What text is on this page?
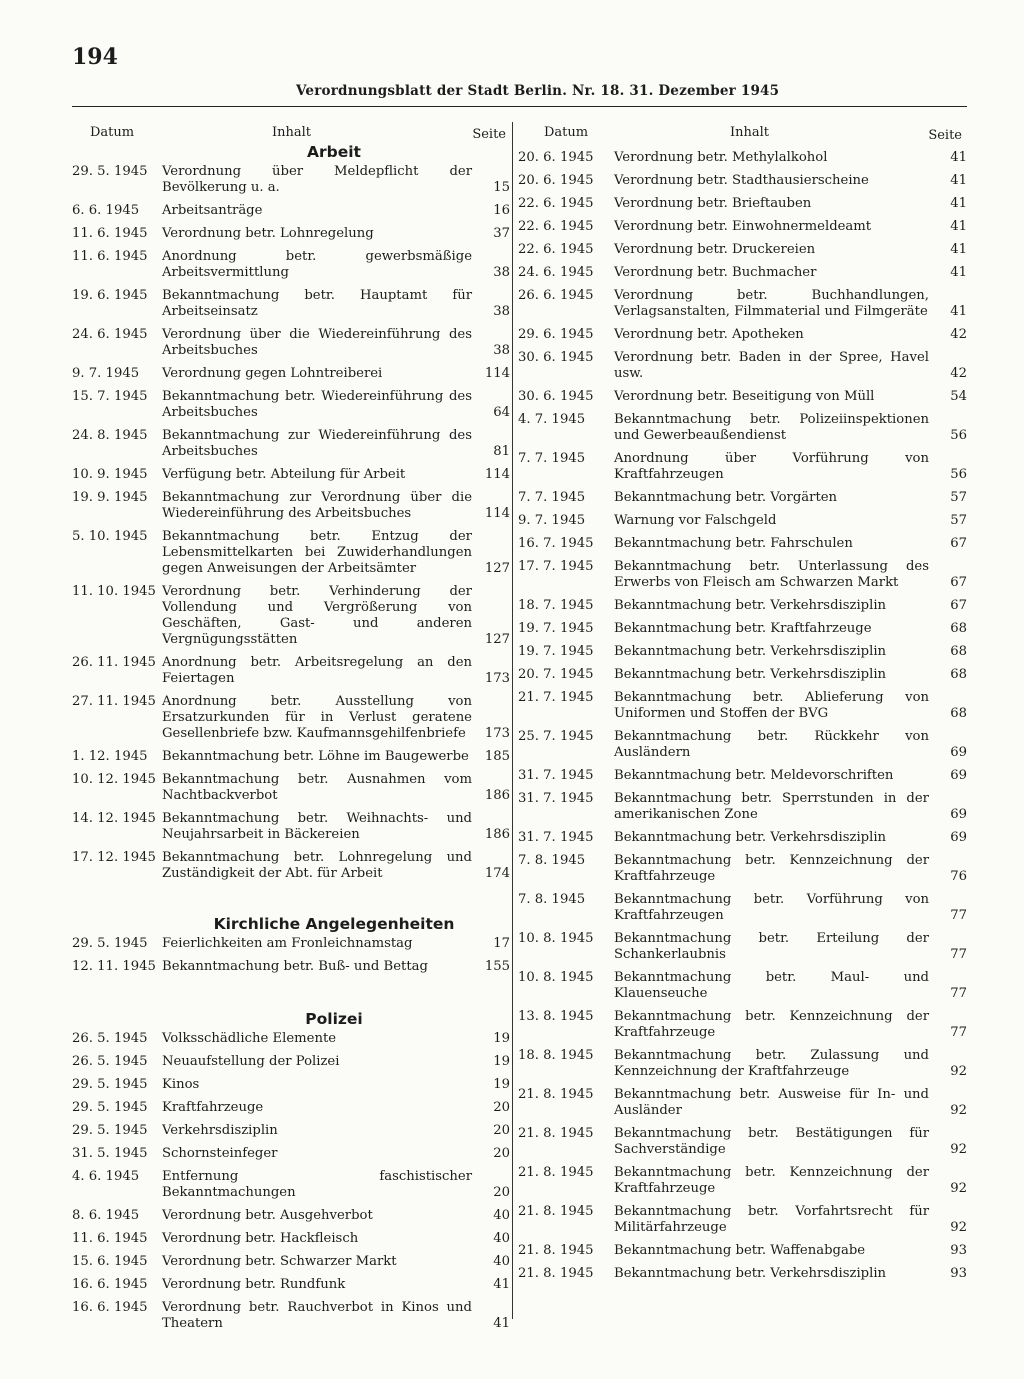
194
Verordnungsblatt der Stadt Berlin. Nr. 18. 31. Dezember 1945
Datum	Inhalt	Seite
Arbeit
29. 5. 1945	Verordnung über Meldepflicht der Bevölkerung u. a.	15
6. 6. 1945	Arbeitsanträge	16
11. 6. 1945	Verordnung betr. Lohnregelung	37
11. 6. 1945	Anordnung betr. gewerbsmäßige Arbeitsvermittlung	38
19. 6. 1945	Bekanntmachung betr. Hauptamt für Arbeitseinsatz	38
24. 6. 1945	Verordnung über die Wiedereinführung des Arbeitsbuches	38
9. 7. 1945	Verordnung gegen Lohntreiberei	114
15. 7. 1945	Bekanntmachung betr. Wiedereinführung des Arbeitsbuches	64
24. 8. 1945	Bekanntmachung zur Wiedereinführung des Arbeitsbuches	81
10. 9. 1945	Verfügung betr. Abteilung für Arbeit	114
19. 9. 1945	Bekanntmachung zur Verordnung über die Wiedereinführung des Arbeitsbuches	114
5. 10. 1945	Bekanntmachung betr. Entzug der Lebensmittelkarten bei Zuwiderhandlungen gegen Anweisungen der Arbeitsämter	127
11. 10. 1945 Verordnung betr. Verhinderung der Vollendung und Vergrößerung von Geschäften, Gast- und anderen Vergnügungsstätten	127
26. 11. 1945 Anordnung betr. Arbeitsregelung an den Feiertagen	173
27. 11. 1945 Anordnung betr. Ausstellung von Ersatzurkunden für in Verlust geratene Gesellenbriefe bzw. Kaufmannsgehilfenbriefe	173
1. 12. 1945	Bekanntmachung betr. Löhne im Baugewerbe	185
10. 12. 1945 Bekanntmachung betr. Ausnahmen vom Nachtbackverbot	186
14. 12. 1945 Bekanntmachung betr. Weihnachts- und Neujahrsarbeit in Bäckereien	186
17. 12. 1945 Bekanntmachung betr. Lohnregelung und Zuständigkeit der Abt. für Arbeit	174
Kirchliche Angelegenheiten
29. 5. 1945	Feierlichkeiten am Fronleichnamstag	17
12. 11. 1945 Bekanntmachung betr. Buß- und Bettag	155
Polizei
26. 5. 1945	Volksschädliche Elemente	19
26. 5. 1945	Neuaufstellung der Polizei	19
29. 5. 1945	Kinos	19
29. 5. 1945	Kraftfahrzeuge	20
29. 5. 1945	Verkehrsdisziplin	20
31. 5. 1945	Schornsteinfeger	20
4. 6. 1945	Entfernung faschistischer Bekanntmachungen	20
8. 6. 1945	Verordnung betr. Ausgehverbot	40
11. 6. 1945	Verordnung betr. Hackfleisch	40
15. 6. 1945	Verordnung betr. Schwarzer Markt	40
16. 6. 1945	Verordnung betr. Rundfunk	41
16. 6. 1945	Verordnung betr. Rauchverbot in Kinos und Theatern	41
Datum	Inhalt	Seite
20. 6. 1945	Verordnung betr. Methylalkohol	41
20. 6. 1945	Verordnung betr. Stadthausierscheine	41
22. 6. 1945	Verordnung betr. Brieftauben	41
22. 6. 1945	Verordnung betr. Einwohnermeldeamt	41
22. 6. 1945	Verordnung betr. Druckereien	41
24. 6. 1945	Verordnung betr. Buchmacher	41
26. 6. 1945	Verordnung betr. Buchhandlungen, Verlagsanstalten, Filmmaterial und Filmgeräte	41
29. 6. 1945	Verordnung betr. Apotheken	42
30. 6. 1945	Verordnung betr. Baden in der Spree, Havel usw.	42
30. 6. 1945	Verordnung betr. Beseitigung von Müll	54
4. 7. 1945	Bekanntmachung betr. Polizeiinspektionen und Gewerbeaußendienst	56
7. 7. 1945	Anordnung über Vorführung von Kraftfahrzeugen	56
7. 7. 1945	Bekanntmachung betr. Vorgärten	57
9. 7. 1945	Warnung vor Falschgeld	57
16. 7. 1945	Bekanntmachung betr. Fahrschulen	67
17. 7. 1945	Bekanntmachung betr. Unterlassung des Erwerbs von Fleisch am Schwarzen Markt	67
18. 7. 1945	Bekanntmachung betr. Verkehrsdisziplin	67
19. 7. 1945	Bekanntmachung betr. Kraftfahrzeuge	68
19. 7. 1945	Bekanntmachung betr. Verkehrsdisziplin	68
20. 7. 1945	Bekanntmachung betr. Verkehrsdisziplin	68
21. 7. 1945	Bekanntmachung betr. Ablieferung von Uniformen und Stoffen der BVG	68
25. 7. 1945	Bekanntmachung betr. Rückkehr von Ausländern	69
31. 7. 1945	Bekanntmachung betr. Meldevorschriften	69
31. 7. 1945	Bekanntmachung betr. Sperrstunden in der amerikanischen Zone	69
31. 7. 1945	Bekanntmachung betr. Verkehrsdisziplin	69
7. 8. 1945	Bekanntmachung betr. Kennzeichnung der Kraftfahrzeuge	76
7. 8. 1945	Bekanntmachung betr. Vorführung von Kraftfahrzeugen	77
10. 8. 1945	Bekanntmachung betr. Erteilung der Schankerlaubnis	77
10. 8. 1945	Bekanntmachung betr. Maul- und Klauenseuche	77
13. 8. 1945	Bekanntmachung betr. Kennzeichnung der Kraftfahrzeuge	77
18. 8. 1945	Bekanntmachung betr. Zulassung und Kennzeichnung der Kraftfahrzeuge	92
21. 8. 1945	Bekanntmachung betr. Ausweise für In- und Ausländer	92
21. 8. 1945	Bekanntmachung betr. Bestätigungen für Sachverständige	92
21. 8. 1945	Bekanntmachung betr. Kennzeichnung der Kraftfahrzeuge	92
21. 8. 1945	Bekanntmachung betr. Vorfahrtsrecht für Militärfahrzeuge	92
21. 8. 1945	Bekanntmachung betr. Waffenabgabe	93
21. 8. 1945	Bekanntmachung betr. Verkehrsdisziplin	93
